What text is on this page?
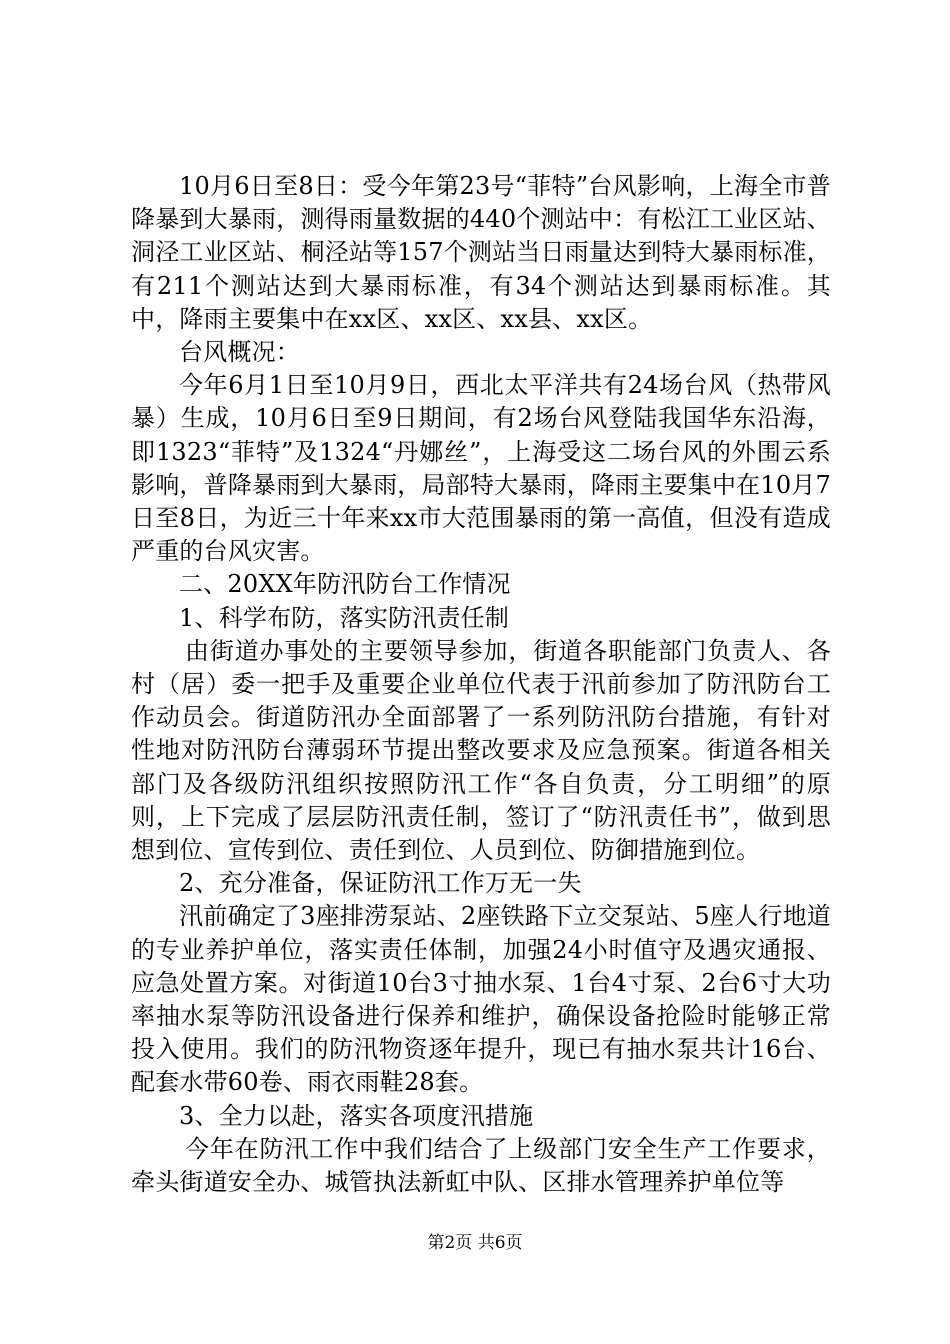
10月6日至8日：受今年第23号“菲特”台风影响，上海全市普降暴到大暴雨，测得雨量数据的440个测站中：有松江工业区站、洞泾工业区站、桐泾站等157个测站当日雨量达到特大暴雨标准，有211个测站达到大暴雨标准，有34个测站达到暴雨标准。其中，降雨主要集中在xx区、xx区、xx县、xx区。

台风概况：

今年6月1日至10月9日，西北太平洋共有24场台风（热带风暴）生成，10月6日至9日期间，有2场台风登陆我国华东沿海，即1323“菲特”及1324“丹娜丝”，上海受这二场台风的外围云系影响，普降暴雨到大暴雨，局部特大暴雨，降雨主要集中在10月7日至8日，为近三十年来xx市大范围暴雨的第一高值，但没有造成严重的台风灾害。

二、20XX年防汛防台工作情况

1、科学布防，落实防汛责任制

由街道办事处的主要领导参加，街道各职能部门负责人、各村（居）委一把手及重要企业单位代表于汛前参加了防汛防台工作动员会。街道防汛办全面部署了一系列防汛防台措施，有针对性地对防汛防台薄弱环节提出整改要求及应急预案。街道各相关部门及各级防汛组织按照防汛工作“各自负责，分工明细”的原则，上下完成了层层防汛责任制，签订了“防汛责任书”，做到思想到位、宣传到位、责任到位、人员到位、防御措施到位。

2、充分准备，保证防汛工作万无一失

汛前确定了3座排涝泵站、2座铁路下立交泵站、5座人行地道的专业养护单位，落实责任体制，加强24小时值守及遇灾通报、应急处置方案。对街道10台3寸抽水泵、1台4寸泵、2台6寸大功率抽水泵等防汛设备进行保养和维护，确保设备抢险时能够正常投入使用。我们的防汛物资逐年提升，现已有抽水泵共计16台、配套水带60卷、雨衣雨鞋28套。

3、全力以赴，落实各项度汛措施

今年在防汛工作中我们结合了上级部门安全生产工作要求，牵头街道安全办、城管执法新虹中队、区排水管理养护单位等

第2页 共6页
